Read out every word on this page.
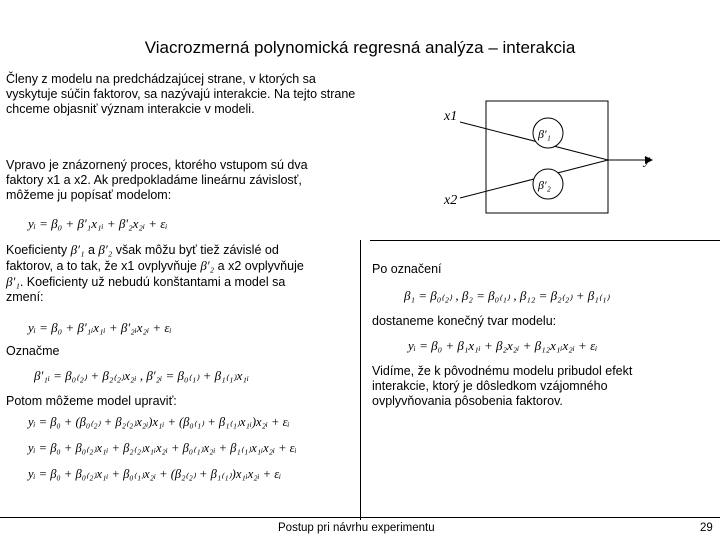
Viacrozmerná polynomická regresná analýza – interakcia
Členy z modelu na predchádzajúcej strane, v ktorých sa vyskytuje súčin faktorov, sa nazývajú interakcie. Na tejto strane chceme objasniť význam interakcie v modeli.
Vpravo je znázornený proces, ktorého vstupom sú dva
faktory x1 a x2. Ak predpokladáme lineárnu závislosť,
môžeme ju popísať modelom:
yᵢ = β₀ + β′₁x₁ᵢ + β′₂x₂ᵢ + εᵢ
Koeficienty β′₁ a β′₂ však môžu byť tiež závislé od
faktorov, a to tak, že x1 ovplyvňuje β′₂ a x2 ovplyvňuje
β′₁. Koeficienty už nebudú konštantami a model sa
zmení:
yᵢ = β₀ + β′₁ᵢx₁ᵢ + β′₂ᵢx₂ᵢ + εᵢ
Označme
β′₁ᵢ = β₀₍₂₎ + β₂₍₂₎x₂ᵢ , β′₂ᵢ = β₀₍₁₎ + β₁₍₁₎x₁ᵢ
Potom môžeme model upraviť:
yᵢ = β₀ + (β₀₍₂₎ + β₂₍₂₎x₂ᵢ)x₁ᵢ + (β₀₍₁₎ + β₁₍₁₎x₁ᵢ)x₂ᵢ + εᵢ
yᵢ = β₀ + β₀₍₂₎x₁ᵢ + β₂₍₂₎x₁ᵢx₂ᵢ + β₀₍₁₎x₂ᵢ + β₁₍₁₎x₁ᵢx₂ᵢ + εᵢ
yᵢ = β₀ + β₀₍₂₎x₁ᵢ + β₀₍₁₎x₂ᵢ + (β₂₍₂₎ + β₁₍₁₎)x₁ᵢx₂ᵢ + εᵢ
x1
x2
y
β′₁
β′₂
Po označení
β₁ = β₀₍₂₎ , β₂ = β₀₍₁₎ , β₁₂ = β₂₍₂₎ + β₁₍₁₎
dostaneme konečný tvar modelu:
yᵢ = β₀ + β₁x₁ᵢ + β₂x₂ᵢ + β₁₂x₁ᵢx₂ᵢ + εᵢ
Vidíme, že k pôvodnému modelu pribudol efekt interakcie, ktorý je dôsledkom vzájomného ovplyvňovania pôsobenia faktorov.
Postup pri návrhu experimentu	29
